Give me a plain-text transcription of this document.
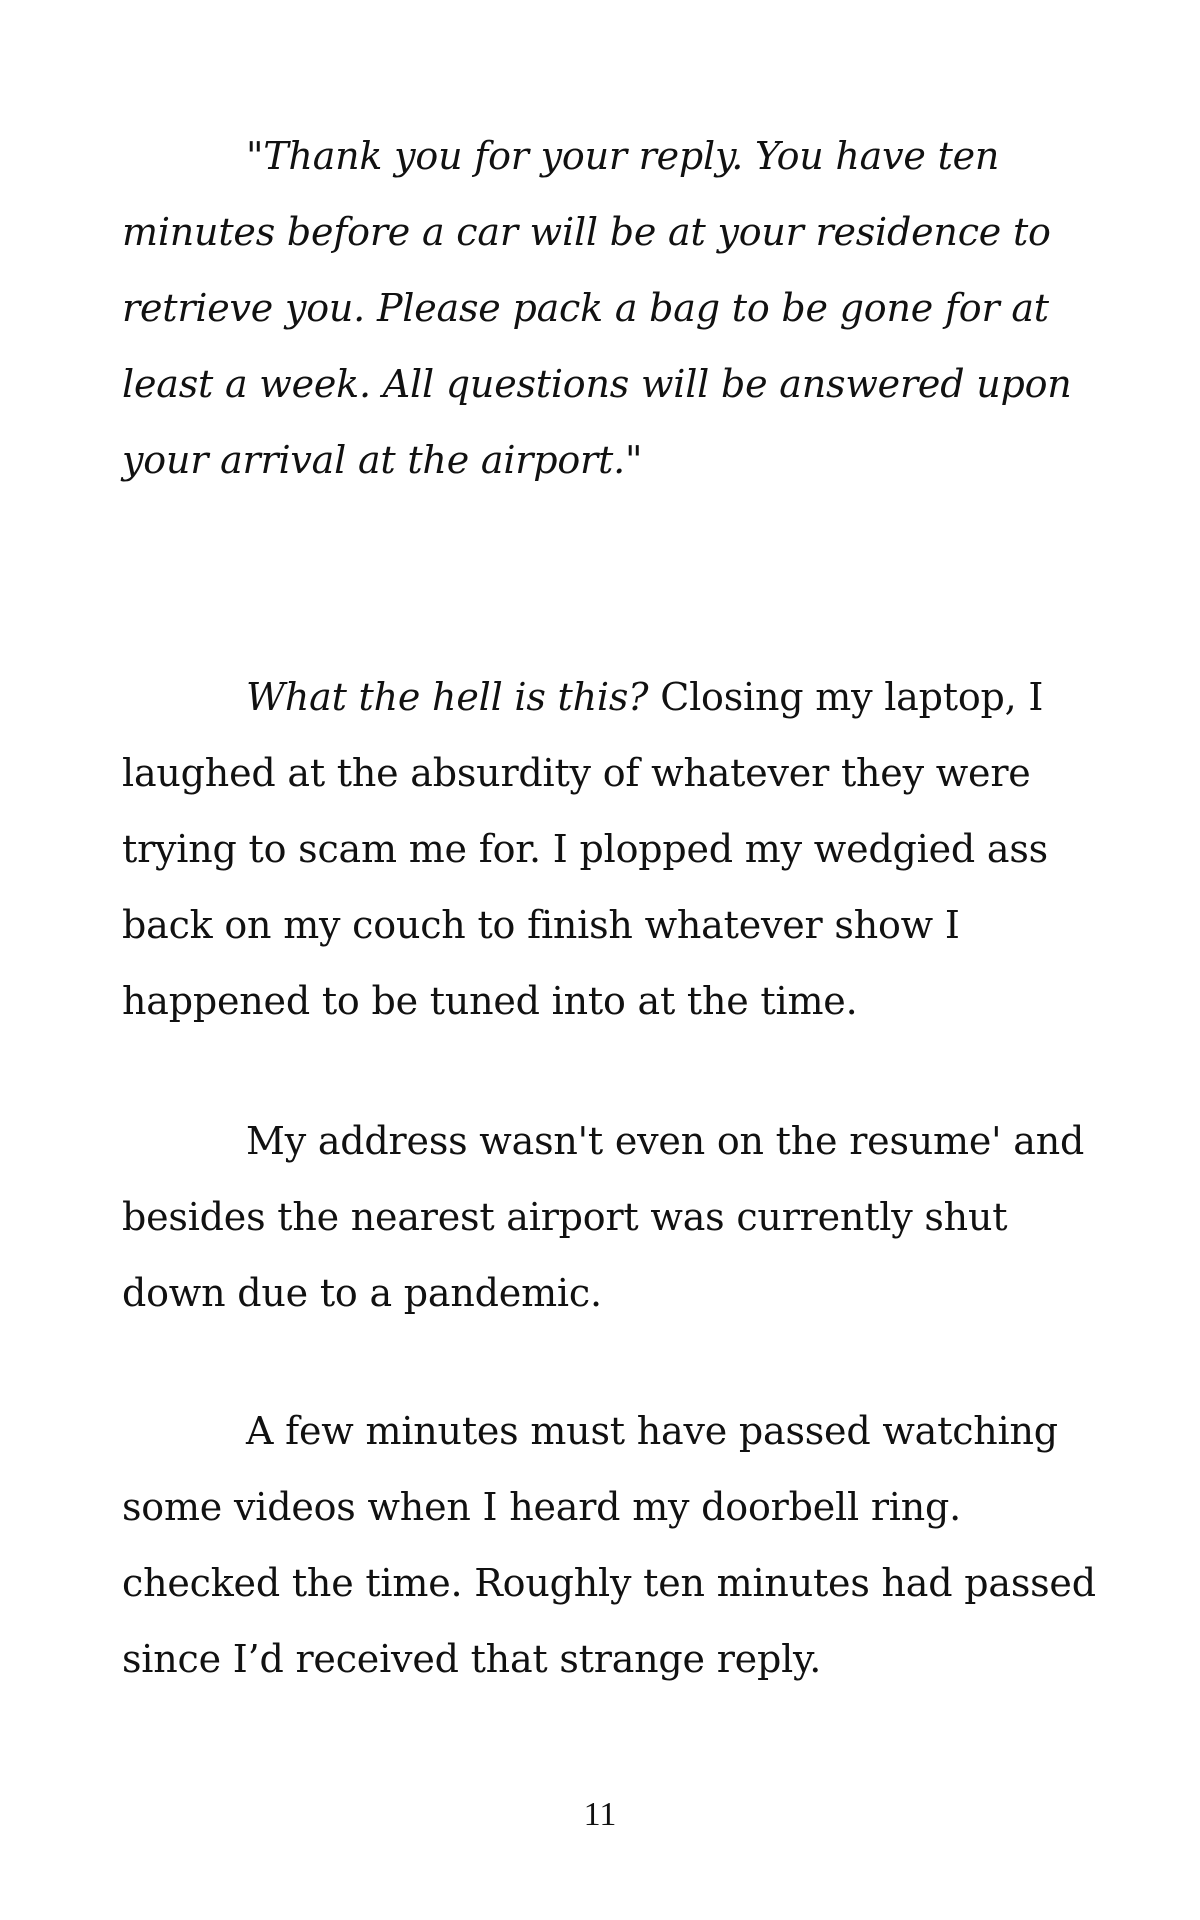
"Thank you for your reply. You have ten
minutes before a car will be at your residence to
retrieve you. Please pack a bag to be gone for at
least a week. All questions will be answered upon
your arrival at the airport."
What the hell is this? Closing my laptop, I
laughed at the absurdity of whatever they were
trying to scam me for. I plopped my wedgied ass
back on my couch to finish whatever show I
happened to be tuned into at the time.
My address wasn't even on the resume' and
besides the nearest airport was currently shut
down due to a pandemic.
A few minutes must have passed watching
some videos when I heard my doorbell ring.
checked the time. Roughly ten minutes had passed
since I’d received that strange reply.
11
